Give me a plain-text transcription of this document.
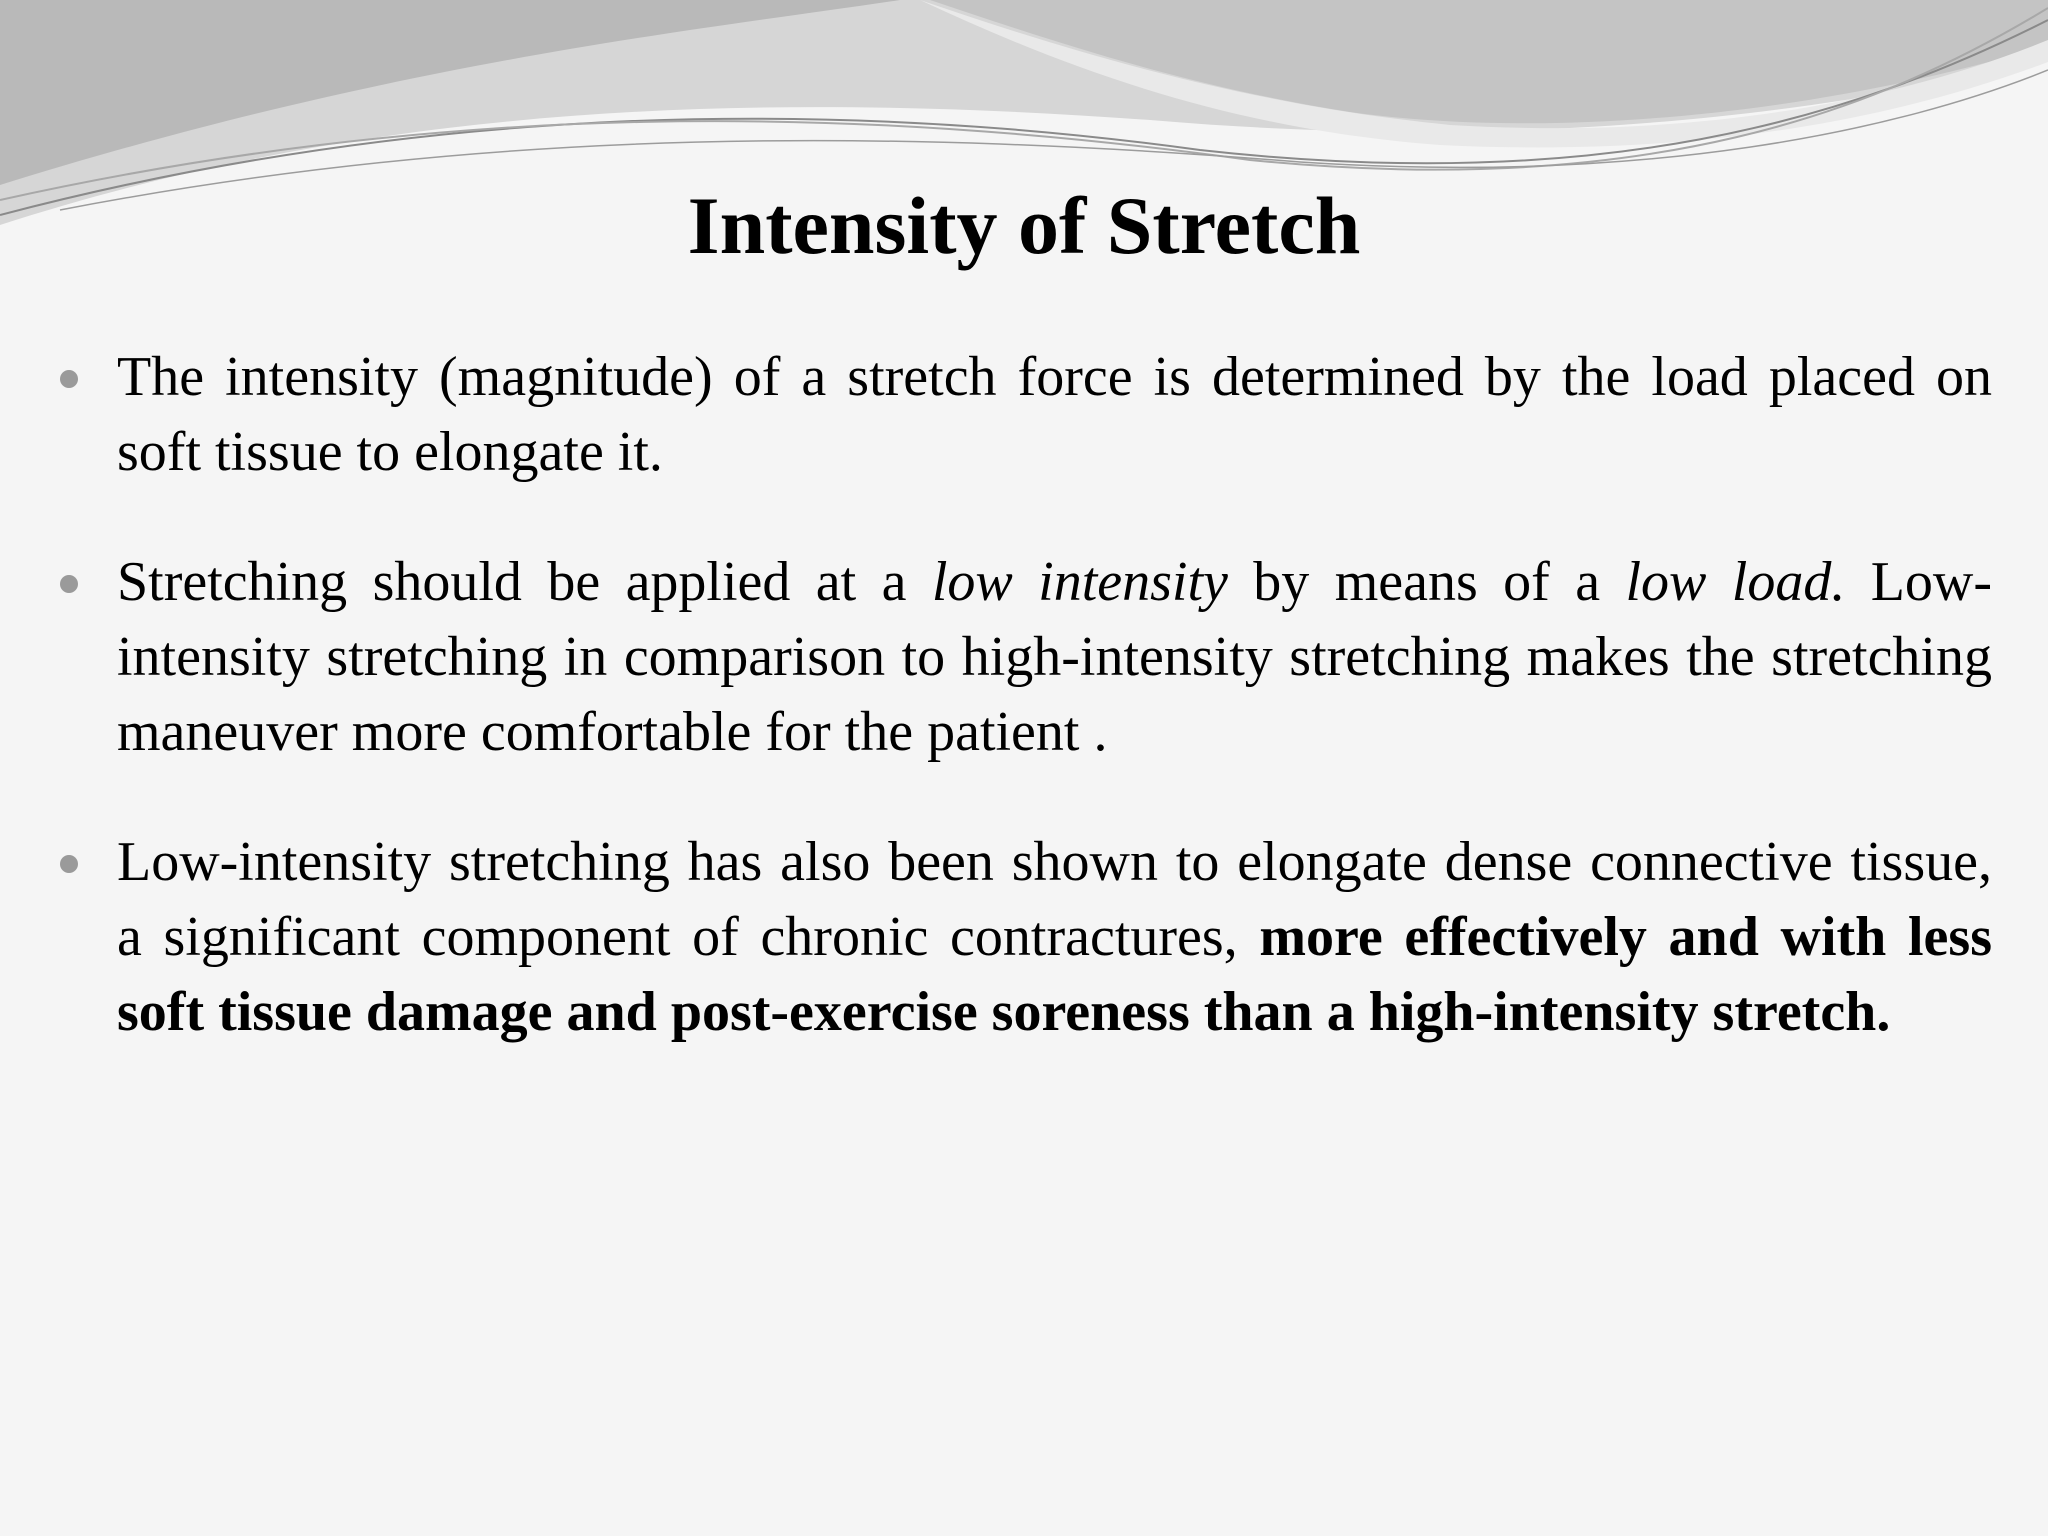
Intensity of Stretch
The intensity (magnitude) of a stretch force is determined by the load placed on soft tissue to elongate it.
Stretching should be applied at a low intensity by means of a low load. Low-intensity stretching in comparison to high-intensity stretching makes the stretching maneuver more comfortable for the patient .
Low-intensity stretching has also been shown to elongate dense connective tissue, a significant component of chronic contractures, more effectively and with less soft tissue damage and post-exercise soreness than a high-intensity stretch.
